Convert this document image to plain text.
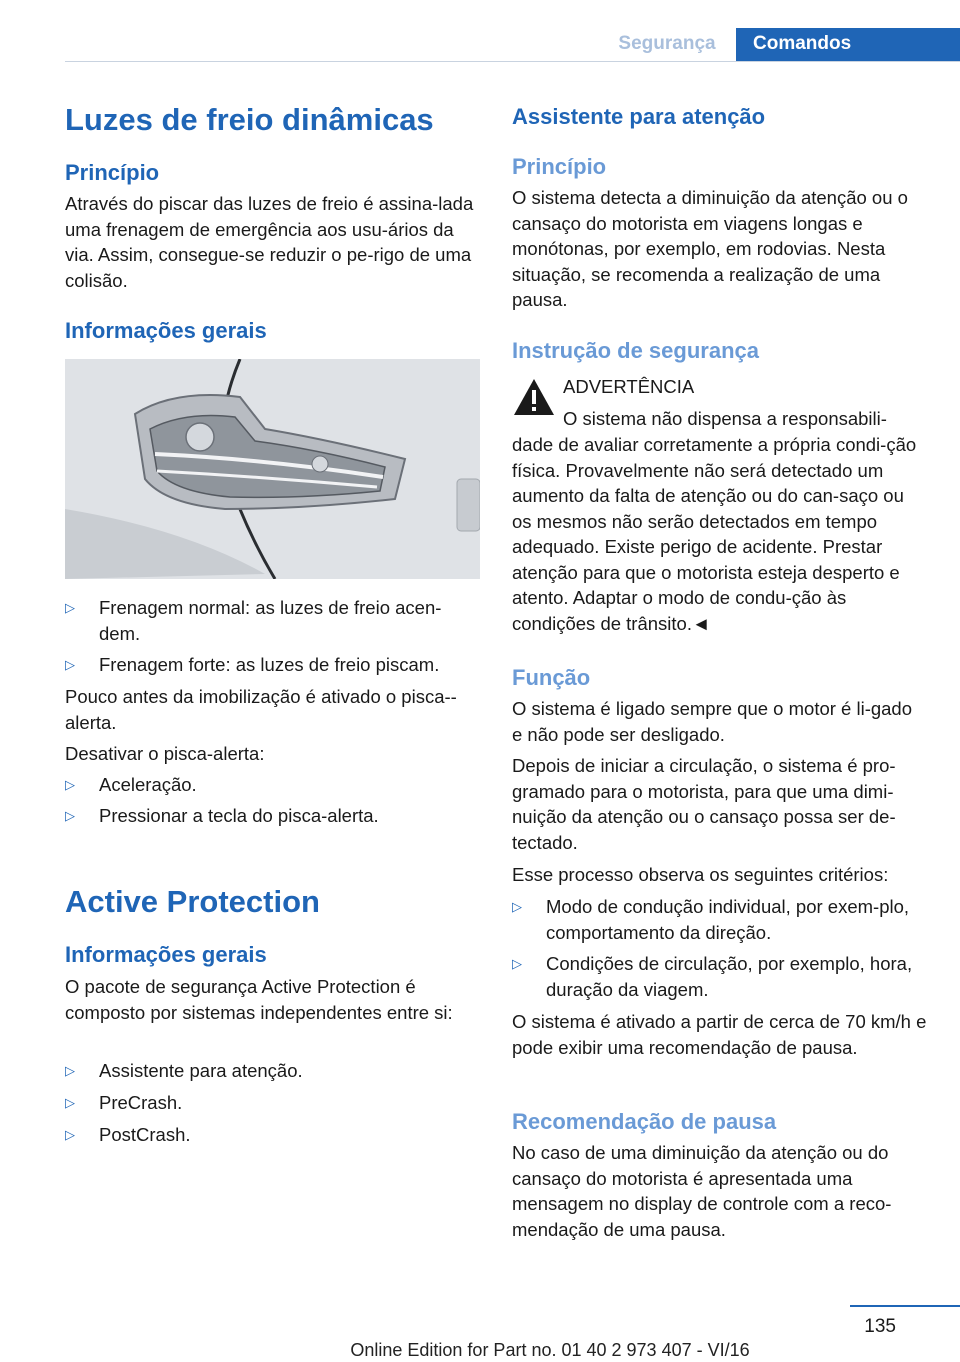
Segurança	Comandos
Luzes de freio dinâmicas
Princípio
Através do piscar das luzes de freio é assina-lada uma frenagem de emergência aos usu-ários da via. Assim, consegue-se reduzir o pe-rigo de uma colisão.
Informações gerais
▷	Frenagem normal: as luzes de freio acen-dem.
▷	Frenagem forte: as luzes de freio piscam.
Pouco antes da imobilização é ativado o pisca--alerta.
Desativar o pisca-alerta:
▷	Aceleração.
▷	Pressionar a tecla do pisca-alerta.
Active Protection
Informações gerais
O pacote de segurança Active Protection é composto por sistemas independentes entre si:
▷	Assistente para atenção.
▷	PreCrash.
▷	PostCrash.
Assistente para atenção
Princípio
O sistema detecta a diminuição da atenção ou o cansaço do motorista em viagens longas e monótonas, por exemplo, em rodovias. Nesta situação, se recomenda a realização de uma pausa.
Instrução de segurança
ADVERTÊNCIA
O sistema não dispensa a responsabili-
dade de avaliar corretamente a própria condi-ção física. Provavelmente não será detectado um aumento da falta de atenção ou do can-saço ou os mesmos não serão detectados em tempo adequado. Existe perigo de acidente. Prestar atenção para que o motorista esteja desperto e atento. Adaptar o modo de condu-ção às condições de trânsito.◄
Função
O sistema é ligado sempre que o motor é li-gado e não pode ser desligado.
Depois de iniciar a circulação, o sistema é pro-gramado para o motorista, para que uma dimi-nuição da atenção ou o cansaço possa ser de-tectado.
Esse processo observa os seguintes critérios:
▷	Modo de condução individual, por exem-plo, comportamento da direção.
▷	Condições de circulação, por exemplo, hora, duração da viagem.
O sistema é ativado a partir de cerca de 70 km/h e pode exibir uma recomendação de pausa.
Recomendação de pausa
No caso de uma diminuição da atenção ou do cansaço do motorista é apresentada uma mensagem no display de controle com a reco-mendação de uma pausa.
135
Online Edition for Part no. 01 40 2 973 407 - VI/16
